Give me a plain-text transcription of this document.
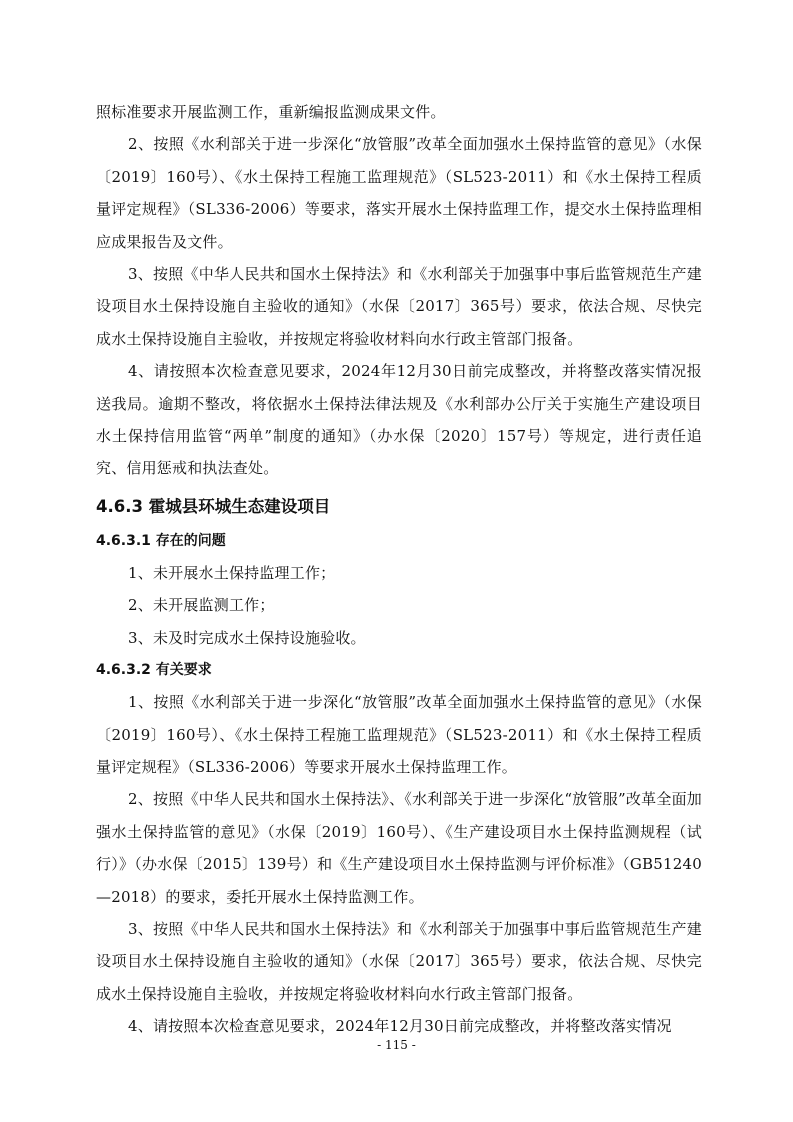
照标准要求开展监测工作，重新编报监测成果文件。

2、按照《水利部关于进一步深化“放管服”改革全面加强水土保持监管的意见》（水保〔2019〕160号）、《水土保持工程施工监理规范》（SL523-2011）和《水土保持工程质量评定规程》（SL336-2006）等要求，落实开展水土保持监理工作，提交水土保持监理相应成果报告及文件。

3、按照《中华人民共和国水土保持法》和《水利部关于加强事中事后监管规范生产建设项目水土保持设施自主验收的通知》（水保〔2017〕365号）要求，依法合规、尽快完成水土保持设施自主验收，并按规定将验收材料向水行政主管部门报备。

4、请按照本次检查意见要求，2024年12月30日前完成整改，并将整改落实情况报送我局。逾期不整改，将依据水土保持法律法规及《水利部办公厅关于实施生产建设项目水土保持信用监管“两单”制度的通知》（办水保〔2020〕157号）等规定，进行责任追究、信用惩戒和执法查处。

4.6.3 霍城县环城生态建设项目
4.6.3.1 存在的问题

1、未开展水土保持监理工作；

2、未开展监测工作；

3、未及时完成水土保持设施验收。

4.6.3.2 有关要求

1、按照《水利部关于进一步深化“放管服”改革全面加强水土保持监管的意见》（水保〔2019〕160号）、《水土保持工程施工监理规范》（SL523-2011）和《水土保持工程质量评定规程》（SL336-2006）等要求开展水土保持监理工作。

2、按照《中华人民共和国水土保持法》、《水利部关于进一步深化“放管服”改革全面加强水土保持监管的意见》（水保〔2019〕160号）、《生产建设项目水土保持监测规程（试行）》（办水保〔2015〕139号）和《生产建设项目水土保持监测与评价标准》（GB51240—2018）的要求，委托开展水土保持监测工作。

3、按照《中华人民共和国水土保持法》和《水利部关于加强事中事后监管规范生产建设项目水土保持设施自主验收的通知》（水保〔2017〕365号）要求，依法合规、尽快完成水土保持设施自主验收，并按规定将验收材料向水行政主管部门报备。

4、请按照本次检查意见要求，2024年12月30日前完成整改，并将整改落实情况

- 115 -
